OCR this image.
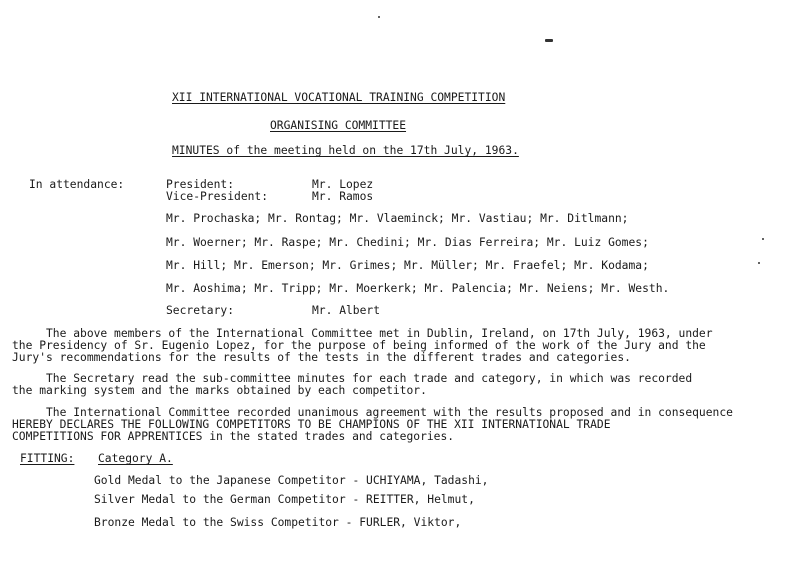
XII INTERNATIONAL VOCATIONAL TRAINING COMPETITION
ORGANISING COMMITTEE
MINUTES of the meeting held on the 17th July, 1963.
In attendance:	President:	Mr. Lopez
Vice-President:	Mr. Ramos
Mr. Prochaska; Mr. Rontag; Mr. Vlaeminck; Mr. Vastiau; Mr. Ditlmann;
Mr. Woerner; Mr. Raspe; Mr. Chedini; Mr. Dias Ferreira; Mr. Luiz Gomes;
Mr. Hill; Mr. Emerson; Mr. Grimes; Mr. Müller; Mr. Fraefel; Mr. Kodama;
Mr. Aoshima; Mr. Tripp; Mr. Moerkerk; Mr. Palencia; Mr. Neiens; Mr. Westh.
Secretary:	Mr. Albert
The above members of the International Committee met in Dublin, Ireland, on 17th July, 1963, under
the Presidency of Sr. Eugenio Lopez, for the purpose of being informed of the work of the Jury and the
Jury's recommendations for the results of the tests in the different trades and categories.
The Secretary read the sub-committee minutes for each trade and category, in which was recorded
the marking system and the marks obtained by each competitor.
The International Committee recorded unanimous agreement with the results proposed and in consequence
HEREBY DECLARES THE FOLLOWING COMPETITORS TO BE CHAMPIONS OF THE XII INTERNATIONAL TRADE
COMPETITIONS FOR APPRENTICES in the stated trades and categories.
FITTING: Category A.
Gold Medal to the Japanese Competitor - UCHIYAMA, Tadashi,
Silver Medal to the German Competitor - REITTER, Helmut,
Bronze Medal to the Swiss Competitor - FURLER, Viktor,
